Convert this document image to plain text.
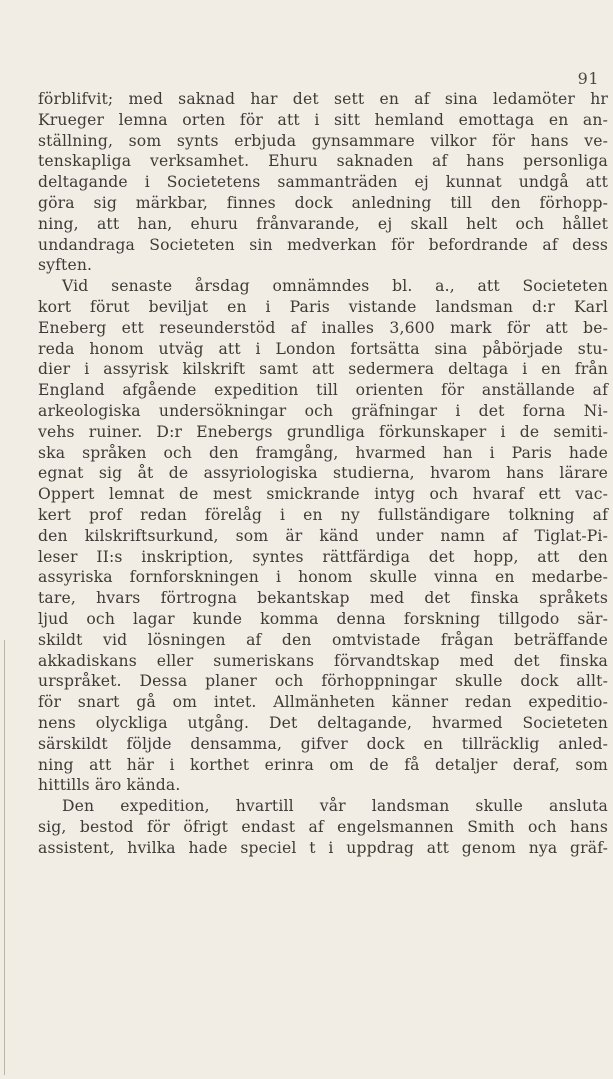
91
förblifvit; med saknad har det sett en af sina ledamöter hr
Krueger lemna orten för att i sitt hemland emottaga en an-
ställning, som synts erbjuda gynsammare vilkor för hans ve-
tenskapliga verksamhet. Ehuru saknaden af hans personliga
deltagande i Societetens sammanträden ej kunnat undgå att
göra sig märkbar, finnes dock anledning till den förhopp-
ning, att han, ehuru frånvarande, ej skall helt och hållet
undandraga Societeten sin medverkan för befordrande af dess
syften.
Vid senaste årsdag omnämndes bl. a., att Societeten
kort förut beviljat en i Paris vistande landsman d:r Karl
Eneberg ett reseunderstöd af inalles 3,600 mark för att be-
reda honom utväg att i London fortsätta sina påbörjade stu-
dier i assyrisk kilskrift samt att sedermera deltaga i en från
England afgående expedition till orienten för anställande af
arkeologiska undersökningar och gräfningar i det forna Ni-
vehs ruiner. D:r Enebergs grundliga förkunskaper i de semiti-
ska språken och den framgång, hvarmed han i Paris hade
egnat sig åt de assyriologiska studierna, hvarom hans lärare
Oppert lemnat de mest smickrande intyg och hvaraf ett vac-
kert prof redan förelåg i en ny fullständigare tolkning af
den kilskriftsurkund, som är känd under namn af Tiglat-Pi-
leser II:s inskription, syntes rättfärdiga det hopp, att den
assyriska fornforskningen i honom skulle vinna en medarbe-
tare, hvars förtrogna bekantskap med det finska språkets
ljud och lagar kunde komma denna forskning tillgodo sär-
skildt vid lösningen af den omtvistade frågan beträffande
akkadiskans eller sumeriskans förvandtskap med det finska
urspråket. Dessa planer och förhoppningar skulle dock allt-
för snart gå om intet. Allmänheten känner redan expeditio-
nens olyckliga utgång. Det deltagande, hvarmed Societeten
särskildt följde densamma, gifver dock en tillräcklig anled-
ning att här i korthet erinra om de få detaljer deraf, som
hittills äro kända.
Den expedition, hvartill vår landsman skulle ansluta
sig, bestod för öfrigt endast af engelsmannen Smith och hans
assistent, hvilka hade speciel t i uppdrag att genom nya gräf-
